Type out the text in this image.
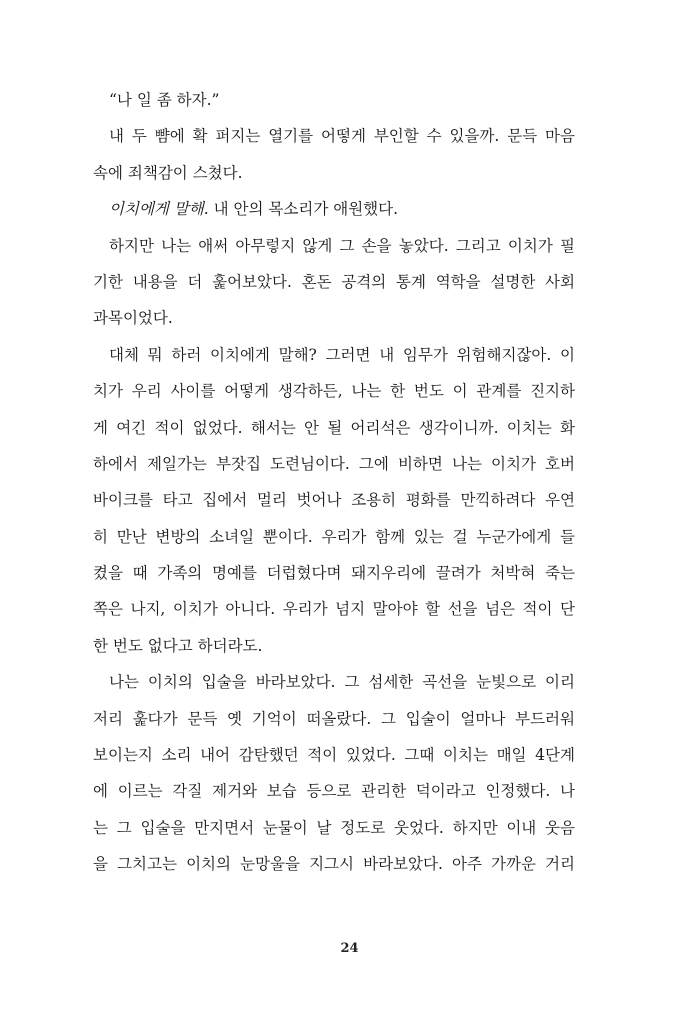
“나 일 좀 하자.”
내 두 뺨에 확 퍼지는 열기를 어떻게 부인할 수 있을까. 문득 마음
속에 죄책감이 스쳤다.
이치에게 말해. 내 안의 목소리가 애원했다.
하지만 나는 애써 아무렇지 않게 그 손을 놓았다. 그리고 이치가 필
기한 내용을 더 훑어보았다. 혼돈 공격의 통계 역학을 설명한 사회
과목이었다.
대체 뭐 하러 이치에게 말해? 그러면 내 임무가 위험해지잖아. 이
치가 우리 사이를 어떻게 생각하든, 나는 한 번도 이 관계를 진지하
게 여긴 적이 없었다. 해서는 안 될 어리석은 생각이니까. 이치는 화
하에서 제일가는 부잣집 도련님이다. 그에 비하면 나는 이치가 호버
바이크를 타고 집에서 멀리 벗어나 조용히 평화를 만끽하려다 우연
히 만난 변방의 소녀일 뿐이다. 우리가 함께 있는 걸 누군가에게 들
켰을 때 가족의 명예를 더럽혔다며 돼지우리에 끌려가 처박혀 죽는
쪽은 나지, 이치가 아니다. 우리가 넘지 말아야 할 선을 넘은 적이 단
한 번도 없다고 하더라도.
나는 이치의 입술을 바라보았다. 그 섬세한 곡선을 눈빛으로 이리
저리 훑다가 문득 옛 기억이 떠올랐다. 그 입술이 얼마나 부드러워
보이는지 소리 내어 감탄했던 적이 있었다. 그때 이치는 매일 4단계
에 이르는 각질 제거와 보습 등으로 관리한 덕이라고 인정했다. 나
는 그 입술을 만지면서 눈물이 날 정도로 웃었다. 하지만 이내 웃음
을 그치고는 이치의 눈망울을 지그시 바라보았다. 아주 가까운 거리
24
